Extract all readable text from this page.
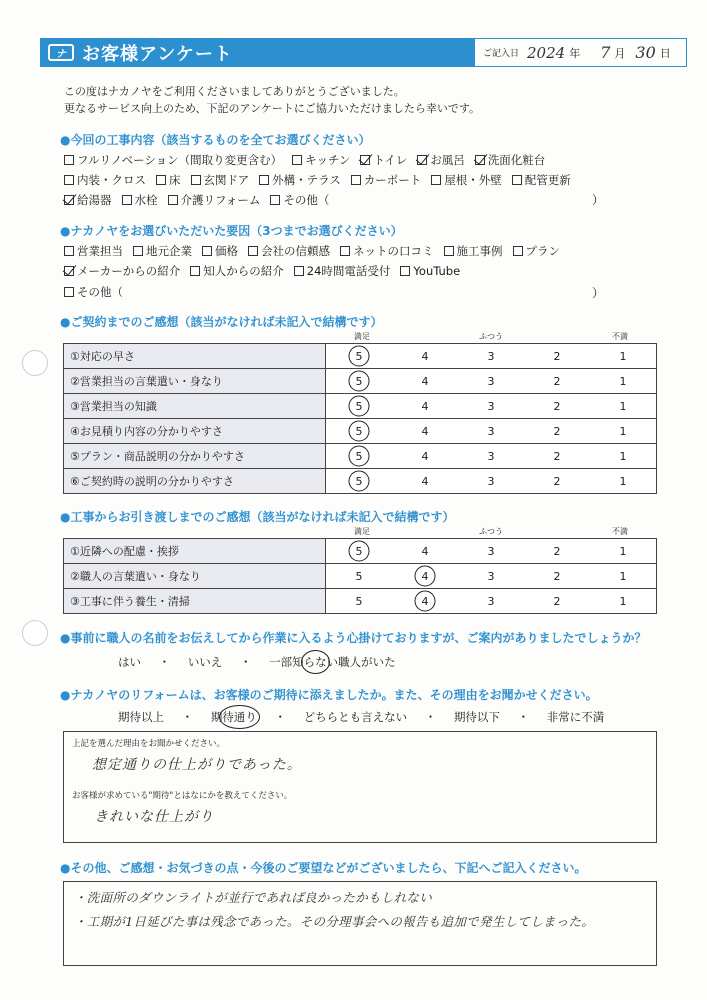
ナ お客様アンケート	ご記入日 2024 年 7 月 30 日
この度はナカノヤをご利用くださいましてありがとうございました。
更なるサービス向上のため、下記のアンケートにご協力いただけましたら幸いです。
●今回の工事内容（該当するものを全てお選びください）
フルリノベーション（間取り変更含む） キッチン トイレ お風呂 洗面化粧台
内装・クロス 床 玄関ドア 外構・テラス カーポート 屋根・外壁 配管更新
給湯器 水栓 介護リフォーム その他（	）
●ナカノヤをお選びいただいた要因（3つまでお選びください）
営業担当 地元企業 価格 会社の信頼感 ネットの口コミ 施工事例 プラン
メーカーからの紹介 知人からの紹介 24時間電話受付 YouTube
その他（	）
●ご契約までのご感想（該当がなければ未記入で結構です）
満足	ふつう	不満
①対応の早さ	5 4 3 2 1

②営業担当の言葉遣い・身なり	5 4 3 2 1

③営業担当の知識	5 4 3 2 1

④お見積り内容の分かりやすさ	5 4 3 2 1

⑤プラン・商品説明の分かりやすさ	5 4 3 2 1

⑥ご契約時の説明の分かりやすさ	5 4 3 2 1
●工事からお引き渡しまでのご感想（該当がなければ未記入で結構です）
満足	ふつう	不満
①近隣への配慮・挨拶	5 4 3 2 1

②職人の言葉遣い・身なり	5 4 3 2 1

③工事に伴う養生・清掃	5 4 3 2 1
●事前に職人の名前をお伝えしてから作業に入るよう心掛けておりますが、ご案内がありましたでしょうか？
はい ・ いいえ ・ 一部知らない職人がいた
●ナカノヤのリフォームは、お客様のご期待に添えましたか。また、その理由をお聞かせください。
期待以上 ・ 期待通り ・ どちらとも言えない ・ 期待以下 ・ 非常に不満
上記を選んだ理由をお聞かせください。
想定通りの仕上がりであった。
お客様が求めている"期待"とはなにかを教えてください。
きれいな仕上がり
●その他、ご感想・お気づきの点・今後のご要望などがございましたら、下記へご記入ください。
・洗面所のダウンライトが並行であれば良かったかもしれない
・工期が1日延びた事は残念であった。その分理事会への報告も追加で発生してしまった。
